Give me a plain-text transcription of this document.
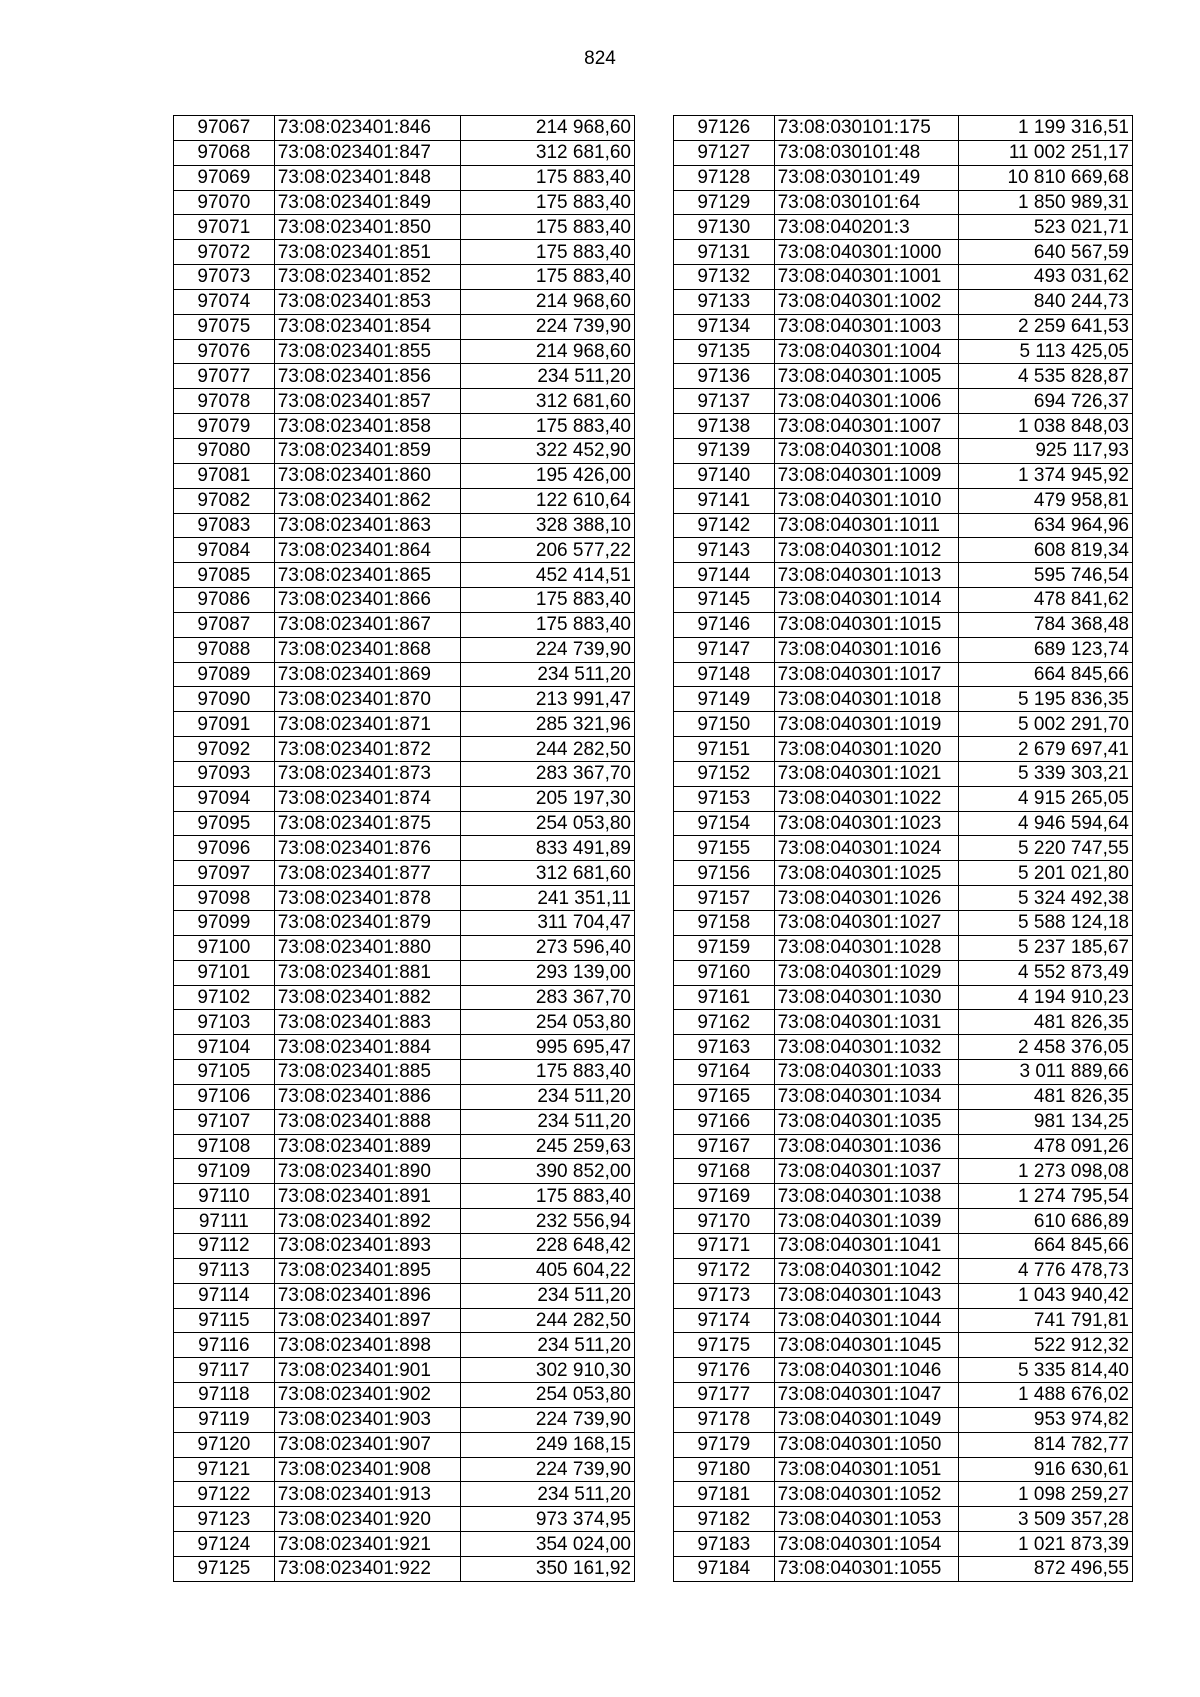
824
97067	73:08:023401:846	214 968,60
97068	73:08:023401:847	312 681,60
97069	73:08:023401:848	175 883,40
97070	73:08:023401:849	175 883,40
97071	73:08:023401:850	175 883,40
97072	73:08:023401:851	175 883,40
97073	73:08:023401:852	175 883,40
97074	73:08:023401:853	214 968,60
97075	73:08:023401:854	224 739,90
97076	73:08:023401:855	214 968,60
97077	73:08:023401:856	234 511,20
97078	73:08:023401:857	312 681,60
97079	73:08:023401:858	175 883,40
97080	73:08:023401:859	322 452,90
97081	73:08:023401:860	195 426,00
97082	73:08:023401:862	122 610,64
97083	73:08:023401:863	328 388,10
97084	73:08:023401:864	206 577,22
97085	73:08:023401:865	452 414,51
97086	73:08:023401:866	175 883,40
97087	73:08:023401:867	175 883,40
97088	73:08:023401:868	224 739,90
97089	73:08:023401:869	234 511,20
97090	73:08:023401:870	213 991,47
97091	73:08:023401:871	285 321,96
97092	73:08:023401:872	244 282,50
97093	73:08:023401:873	283 367,70
97094	73:08:023401:874	205 197,30
97095	73:08:023401:875	254 053,80
97096	73:08:023401:876	833 491,89
97097	73:08:023401:877	312 681,60
97098	73:08:023401:878	241 351,11
97099	73:08:023401:879	311 704,47
97100	73:08:023401:880	273 596,40
97101	73:08:023401:881	293 139,00
97102	73:08:023401:882	283 367,70
97103	73:08:023401:883	254 053,80
97104	73:08:023401:884	995 695,47
97105	73:08:023401:885	175 883,40
97106	73:08:023401:886	234 511,20
97107	73:08:023401:888	234 511,20
97108	73:08:023401:889	245 259,63
97109	73:08:023401:890	390 852,00
97110	73:08:023401:891	175 883,40
97111	73:08:023401:892	232 556,94
97112	73:08:023401:893	228 648,42
97113	73:08:023401:895	405 604,22
97114	73:08:023401:896	234 511,20
97115	73:08:023401:897	244 282,50
97116	73:08:023401:898	234 511,20
97117	73:08:023401:901	302 910,30
97118	73:08:023401:902	254 053,80
97119	73:08:023401:903	224 739,90
97120	73:08:023401:907	249 168,15
97121	73:08:023401:908	224 739,90
97122	73:08:023401:913	234 511,20
97123	73:08:023401:920	973 374,95
97124	73:08:023401:921	354 024,00
97125	73:08:023401:922	350 161,92
97126	73:08:030101:175	1 199 316,51
97127	73:08:030101:48	11 002 251,17
97128	73:08:030101:49	10 810 669,68
97129	73:08:030101:64	1 850 989,31
97130	73:08:040201:3	523 021,71
97131	73:08:040301:1000	640 567,59
97132	73:08:040301:1001	493 031,62
97133	73:08:040301:1002	840 244,73
97134	73:08:040301:1003	2 259 641,53
97135	73:08:040301:1004	5 113 425,05
97136	73:08:040301:1005	4 535 828,87
97137	73:08:040301:1006	694 726,37
97138	73:08:040301:1007	1 038 848,03
97139	73:08:040301:1008	925 117,93
97140	73:08:040301:1009	1 374 945,92
97141	73:08:040301:1010	479 958,81
97142	73:08:040301:1011	634 964,96
97143	73:08:040301:1012	608 819,34
97144	73:08:040301:1013	595 746,54
97145	73:08:040301:1014	478 841,62
97146	73:08:040301:1015	784 368,48
97147	73:08:040301:1016	689 123,74
97148	73:08:040301:1017	664 845,66
97149	73:08:040301:1018	5 195 836,35
97150	73:08:040301:1019	5 002 291,70
97151	73:08:040301:1020	2 679 697,41
97152	73:08:040301:1021	5 339 303,21
97153	73:08:040301:1022	4 915 265,05
97154	73:08:040301:1023	4 946 594,64
97155	73:08:040301:1024	5 220 747,55
97156	73:08:040301:1025	5 201 021,80
97157	73:08:040301:1026	5 324 492,38
97158	73:08:040301:1027	5 588 124,18
97159	73:08:040301:1028	5 237 185,67
97160	73:08:040301:1029	4 552 873,49
97161	73:08:040301:1030	4 194 910,23
97162	73:08:040301:1031	481 826,35
97163	73:08:040301:1032	2 458 376,05
97164	73:08:040301:1033	3 011 889,66
97165	73:08:040301:1034	481 826,35
97166	73:08:040301:1035	981 134,25
97167	73:08:040301:1036	478 091,26
97168	73:08:040301:1037	1 273 098,08
97169	73:08:040301:1038	1 274 795,54
97170	73:08:040301:1039	610 686,89
97171	73:08:040301:1041	664 845,66
97172	73:08:040301:1042	4 776 478,73
97173	73:08:040301:1043	1 043 940,42
97174	73:08:040301:1044	741 791,81
97175	73:08:040301:1045	522 912,32
97176	73:08:040301:1046	5 335 814,40
97177	73:08:040301:1047	1 488 676,02
97178	73:08:040301:1049	953 974,82
97179	73:08:040301:1050	814 782,77
97180	73:08:040301:1051	916 630,61
97181	73:08:040301:1052	1 098 259,27
97182	73:08:040301:1053	3 509 357,28
97183	73:08:040301:1054	1 021 873,39
97184	73:08:040301:1055	872 496,55
